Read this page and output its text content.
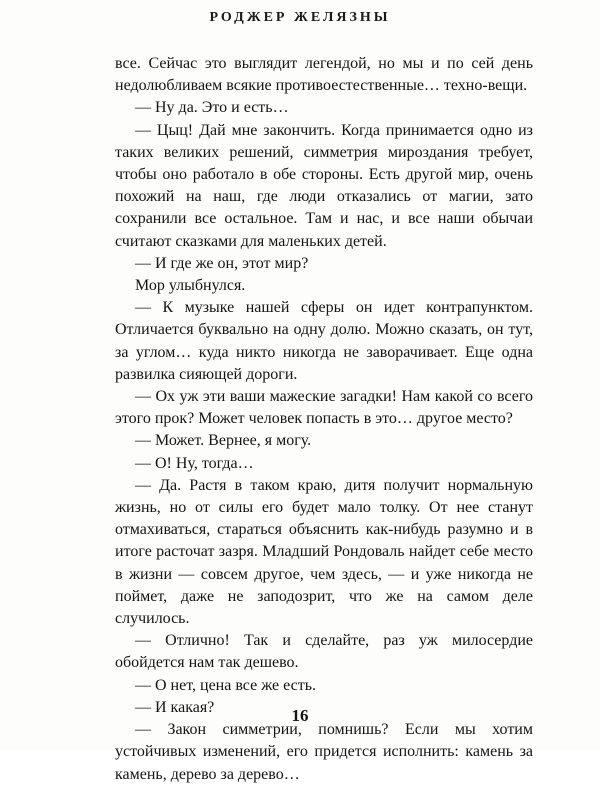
РОДЖЕР ЖЕЛЯЗНЫ

все. Сейчас это выглядит легендой, но мы и по сей день недолюбливаем всякие противоестественные… техно-вещи.

— Ну да. Это и есть…

— Цыц! Дай мне закончить. Когда принимается одно из таких великих решений, симметрия мироздания требует, чтобы оно работало в обе стороны. Есть другой мир, очень похожий на наш, где люди отказались от магии, зато сохранили все остальное. Там и нас, и все наши обычаи считают сказками для маленьких детей.

— И где же он, этот мир?

Мор улыбнулся.

— К музыке нашей сферы он идет контрапунктом. Отличается буквально на одну долю. Можно сказать, он тут, за углом… куда никто никогда не заворачивает. Еще одна развилка сияющей дороги.

— Ох уж эти ваши мажеские загадки! Нам какой со всего этого прок? Может человек попасть в это… другое место?

— Может. Вернее, я могу.

— О! Ну, тогда…

— Да. Растя в таком краю, дитя получит нормальную жизнь, но от силы его будет мало толку. От нее станут отмахиваться, стараться объяснить как-нибудь разумно и в итоге расточат зазря. Младший Рондоваль найдет себе место в жизни — совсем другое, чем здесь, — и уже никогда не поймет, даже не заподозрит, что же на самом деле случилось.

— Отлично! Так и сделайте, раз уж милосердие обойдется нам так дешево.

— О нет, цена все же есть.

— И какая?

— Закон симметрии, помнишь? Если мы хотим устойчивых изменений, его придется исполнить: камень за камень, дерево за дерево…

16
